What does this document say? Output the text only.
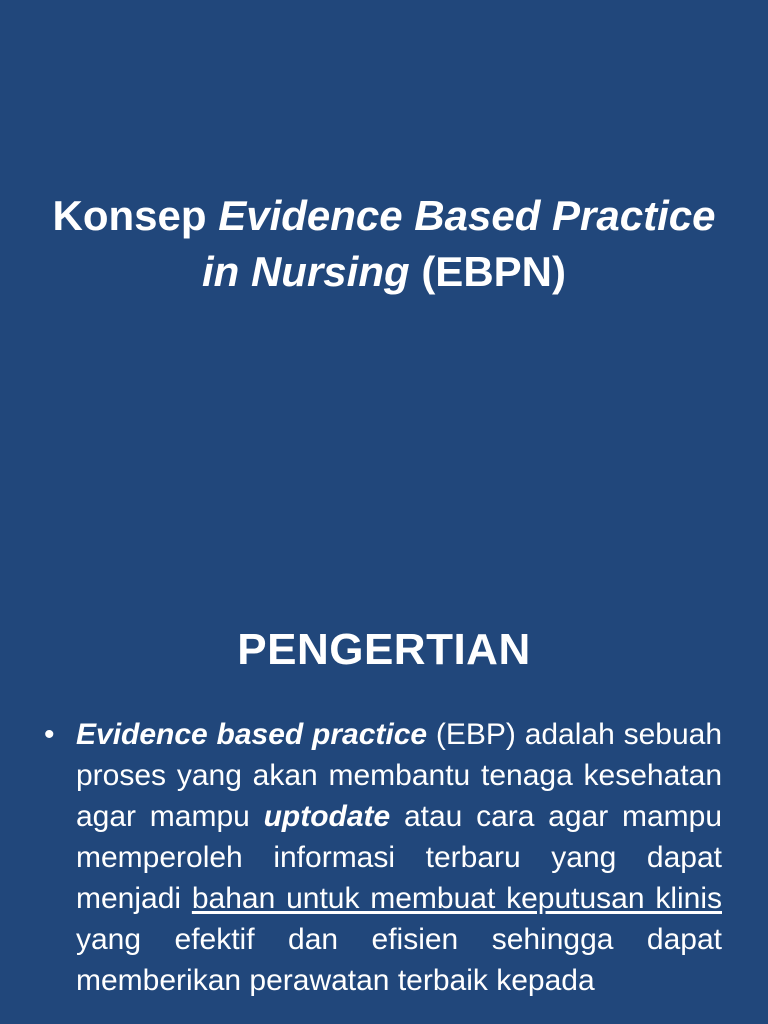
Konsep Evidence Based Practice in Nursing (EBPN)
PENGERTIAN
• Evidence based practice (EBP) adalah sebuah proses yang akan membantu tenaga kesehatan agar mampu uptodate atau cara agar mampu memperoleh informasi terbaru yang dapat menjadi bahan untuk membuat keputusan klinis yang efektif dan efisien sehingga dapat memberikan perawatan terbaik kepada
